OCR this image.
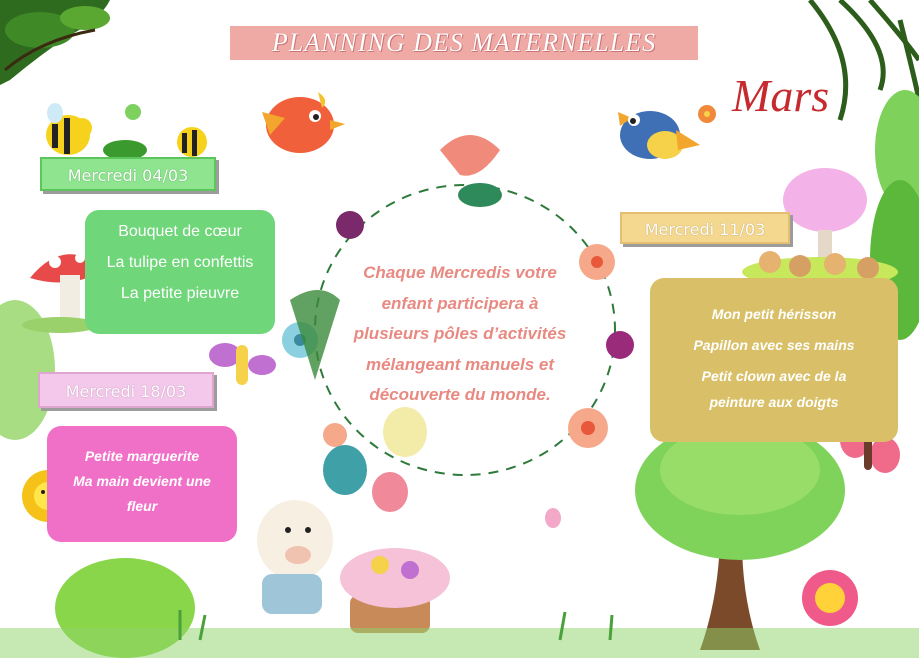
PLANNING DES MATERNELLES
Mars
Mercredi 04/03

Bouquet de cœur

La tulipe en confettis

La petite pieuvre

Mercredi 11/03

Mon petit hérisson

Papillon avec ses mains

Petit clown avec de la peinture aux doigts

Mercredi 18/03

Petite marguerite

Ma main devient une fleur

Chaque Mercredis votre enfant participera à plusieurs pôles d’activités mélangeant manuels et découverte du monde.
